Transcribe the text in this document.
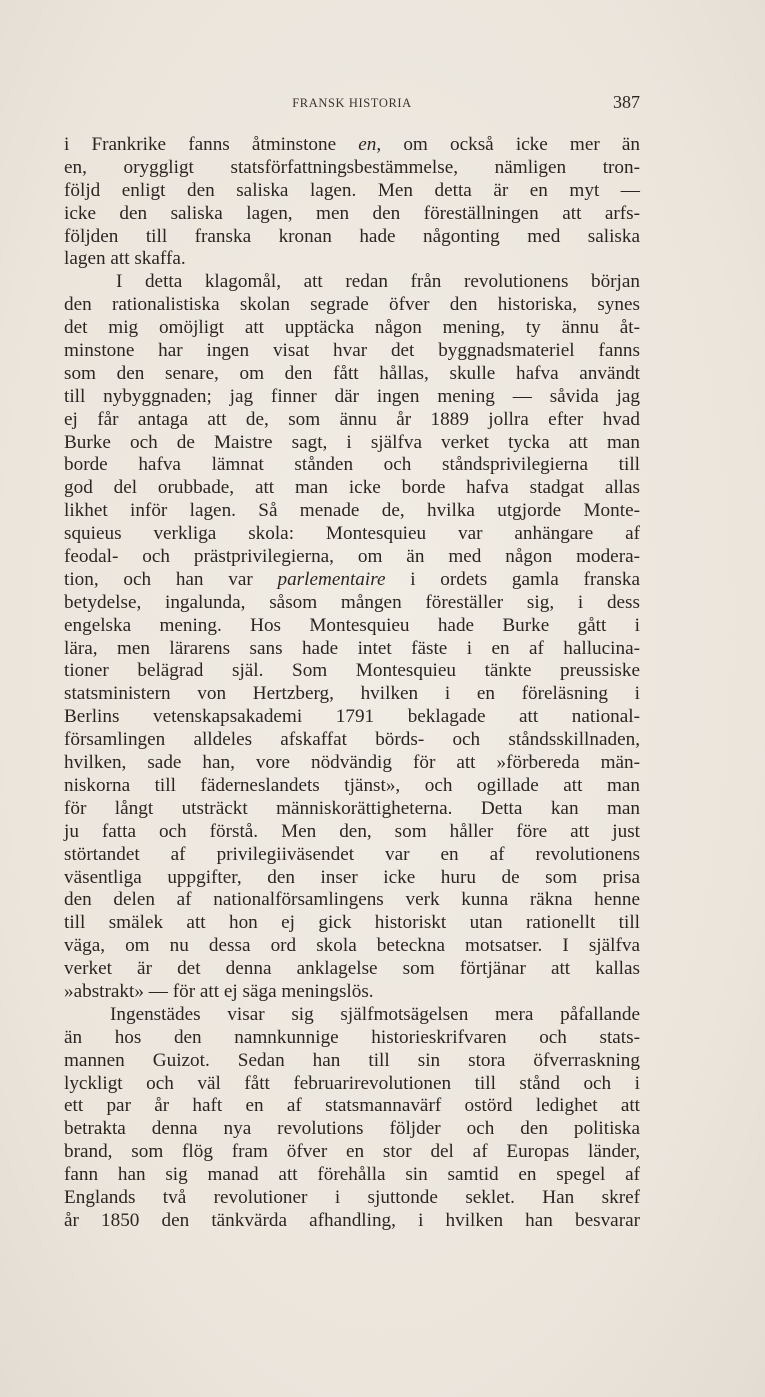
FRANSK HISTORIA	387
i Frankrike fanns åtminstone en, om också icke mer än
en, oryggligt statsförfattningsbestämmelse, nämligen tron-
följd enligt den saliska lagen. Men detta är en myt —
icke den saliska lagen, men den föreställningen att arfs-
följden till franska kronan hade någonting med saliska
lagen att skaffa.
I detta klagomål, att redan från revolutionens början
den rationalistiska skolan segrade öfver den historiska, synes
det mig omöjligt att upptäcka någon mening, ty ännu åt-
minstone har ingen visat hvar det byggnadsmateriel fanns
som den senare, om den fått hållas, skulle hafva användt
till nybyggnaden; jag finner där ingen mening — såvida jag
ej får antaga att de, som ännu år 1889 jollra efter hvad
Burke och de Maistre sagt, i själfva verket tycka att man
borde hafva lämnat stånden och ståndsprivilegierna till
god del orubbade, att man icke borde hafva stadgat allas
likhet inför lagen. Så menade de, hvilka utgjorde Monte-
squieus verkliga skola: Montesquieu var anhängare af
feodal- och prästprivilegierna, om än med någon modera-
tion, och han var parlementaire i ordets gamla franska
betydelse, ingalunda, såsom mången föreställer sig, i dess
engelska mening. Hos Montesquieu hade Burke gått i
lära, men lärarens sans hade intet fäste i en af hallucina-
tioner belägrad själ. Som Montesquieu tänkte preussiske
statsministern von Hertzberg, hvilken i en föreläsning i
Berlins vetenskapsakademi 1791 beklagade att national-
församlingen alldeles afskaffat börds- och ståndsskillnaden,
hvilken, sade han, vore nödvändig för att »förbereda män-
niskorna till fäderneslandets tjänst», och ogillade att man
för långt utsträckt människorättigheterna. Detta kan man
ju fatta och förstå. Men den, som håller före att just
störtandet af privilegiiväsendet var en af revolutionens
väsentliga uppgifter, den inser icke huru de som prisa
den delen af nationalförsamlingens verk kunna räkna henne
till smälek att hon ej gick historiskt utan rationellt till
väga, om nu dessa ord skola beteckna motsatser. I själfva
verket är det denna anklagelse som förtjänar att kallas
»abstrakt» — för att ej säga meningslös.
Ingenstädes visar sig själfmotsägelsen mera påfallande
än hos den namnkunnige historieskrifvaren och stats-
mannen Guizot. Sedan han till sin stora öfverraskning
lyckligt och väl fått februarirevolutionen till stånd och i
ett par år haft en af statsmannavärf ostörd ledighet att
betrakta denna nya revolutions följder och den politiska
brand, som flög fram öfver en stor del af Europas länder,
fann han sig manad att förehålla sin samtid en spegel af
Englands två revolutioner i sjuttonde seklet. Han skref
år 1850 den tänkvärda afhandling, i hvilken han besvarar
